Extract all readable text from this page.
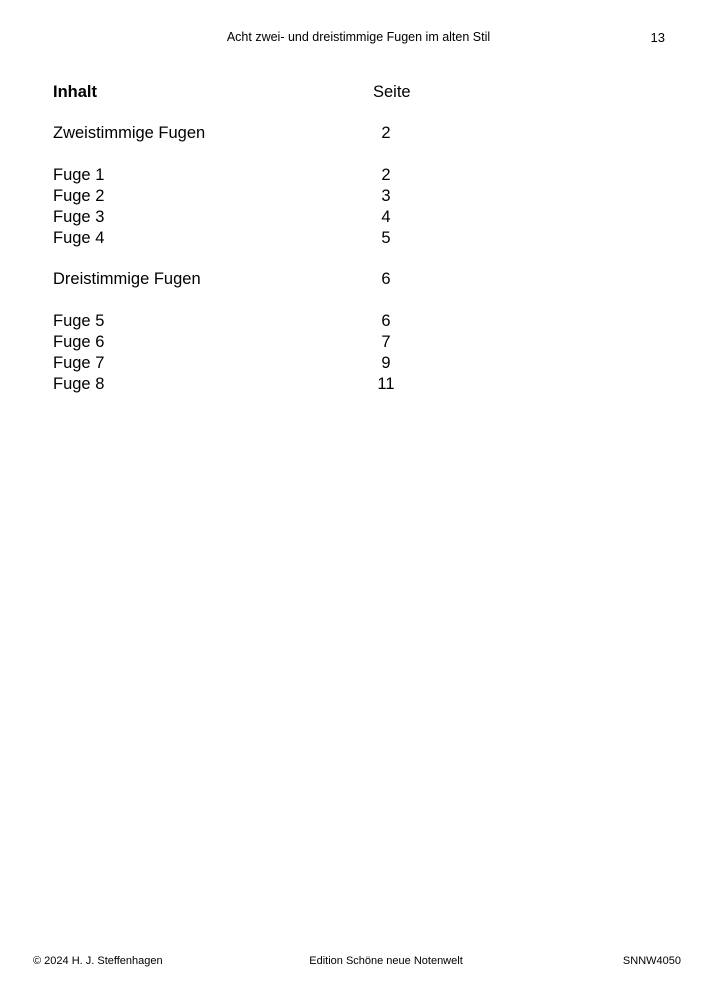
Acht zwei- und dreistimmige Fugen im alten Stil	13
Inhalt	Seite
Zweistimmige Fugen	2
Fuge 1	2
Fuge 2	3
Fuge 3	4
Fuge 4	5
Dreistimmige Fugen	6
Fuge 5	6
Fuge 6	7
Fuge 7	9
Fuge 8	11
© 2024 H. J. Steffenhagen	Edition Schöne neue Notenwelt	SNNW4050
